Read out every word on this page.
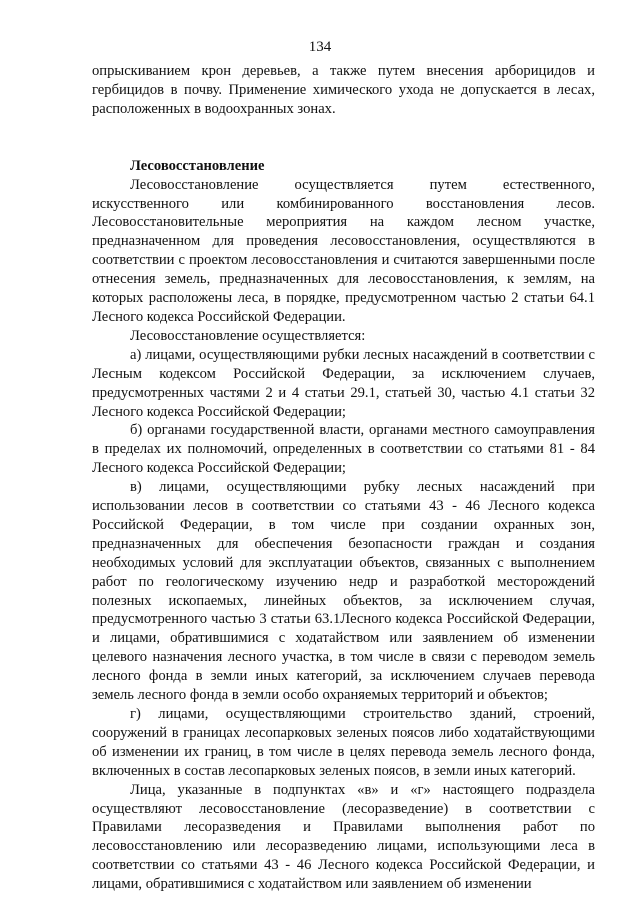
134

опрыскиванием крон деревьев, а также путем внесения арборицидов и гербицидов в почву. Применение химического ухода не допускается в лесах, расположенных в водоохранных зонах.

Лесовосстановление

Лесовосстановление осуществляется путем естественного, искусственного или комбинированного восстановления лесов. Лесовосстановительные мероприятия на каждом лесном участке, предназначенном для проведения лесовосстановления, осуществляются в соответствии с проектом лесовосстановления и считаются завершенными после отнесения земель, предназначенных для лесовосстановления, к землям, на которых расположены леса, в порядке, предусмотренном частью 2 статьи 64.1 Лесного кодекса Российской Федерации.

Лесовосстановление осуществляется:

а) лицами, осуществляющими рубки лесных насаждений в соответствии с Лесным кодексом Российской Федерации, за исключением случаев, предусмотренных частями 2 и 4 статьи 29.1, статьей 30, частью 4.1 статьи 32 Лесного кодекса Российской Федерации;

б) органами государственной власти, органами местного самоуправления в пределах их полномочий, определенных в соответствии со статьями 81 - 84 Лесного кодекса Российской Федерации;

в) лицами, осуществляющими рубку лесных насаждений при использовании лесов в соответствии со статьями 43 - 46 Лесного кодекса Российской Федерации, в том числе при создании охранных зон, предназначенных для обеспечения безопасности граждан и создания необходимых условий для эксплуатации объектов, связанных с выполнением работ по геологическому изучению недр и разработкой месторождений полезных ископаемых, линейных объектов, за исключением случая, предусмотренного частью 3 статьи 63.1Лесного кодекса Российской Федерации, и лицами, обратившимися с ходатайством или заявлением об изменении целевого назначения лесного участка, в том числе в связи с переводом земель лесного фонда в земли иных категорий, за исключением случаев перевода земель лесного фонда в земли особо охраняемых территорий и объектов;

г) лицами, осуществляющими строительство зданий, строений, сооружений в границах лесопарковых зеленых поясов либо ходатайствующими об изменении их границ, в том числе в целях перевода земель лесного фонда, включенных в состав лесопарковых зеленых поясов, в земли иных категорий.

Лица, указанные в подпунктах «в» и «г» настоящего подраздела осуществляют лесовосстановление (лесоразведение) в соответствии с Правилами лесоразведения и Правилами выполнения работ по лесовосстановлению или лесоразведению лицами, использующими леса в соответствии со статьями 43 - 46 Лесного кодекса Российской Федерации, и лицами, обратившимися с ходатайством или заявлением об изменении
